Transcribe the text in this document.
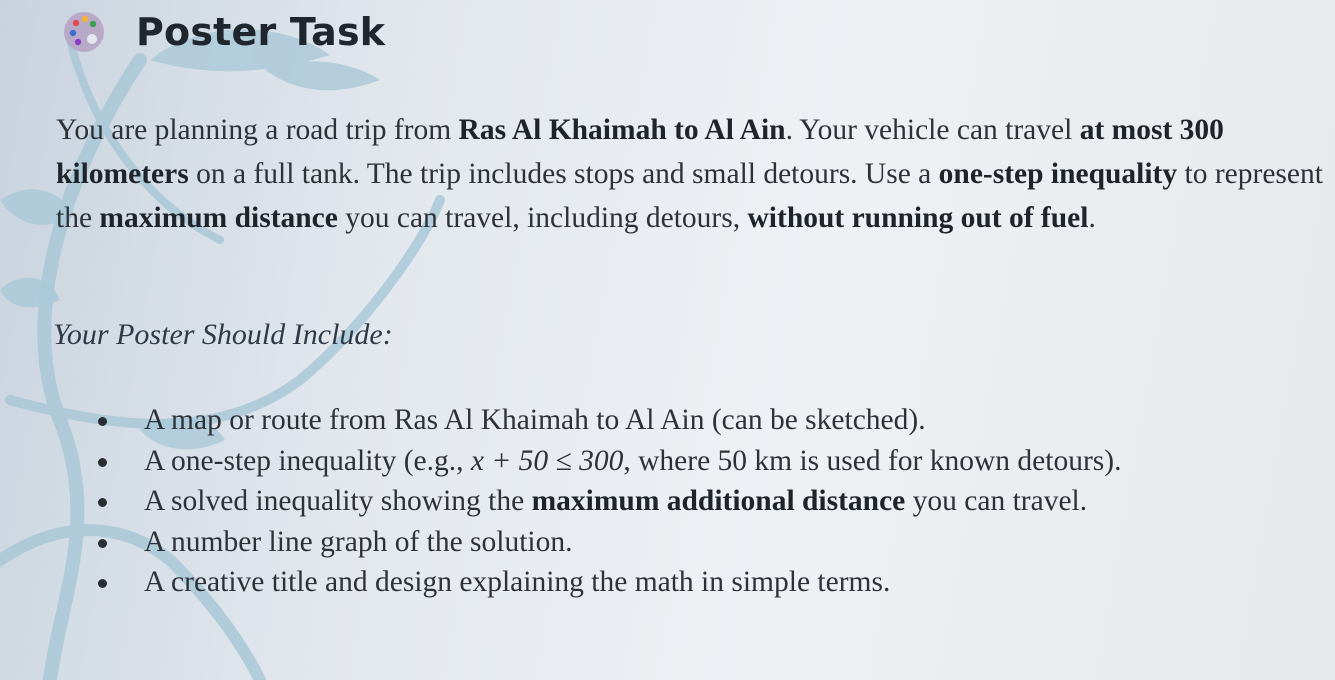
Poster Task
You are planning a road trip from Ras Al Khaimah to Al Ain. Your vehicle can travel at most 300 kilometers on a full tank. The trip includes stops and small detours. Use a one-step inequality to represent the maximum distance you can travel, including detours, without running out of fuel.
Your Poster Should Include:
A map or route from Ras Al Khaimah to Al Ain (can be sketched).
A one-step inequality (e.g., x + 50 ≤ 300, where 50 km is used for known detours).
A solved inequality showing the maximum additional distance you can travel.
A number line graph of the solution.
A creative title and design explaining the math in simple terms.
